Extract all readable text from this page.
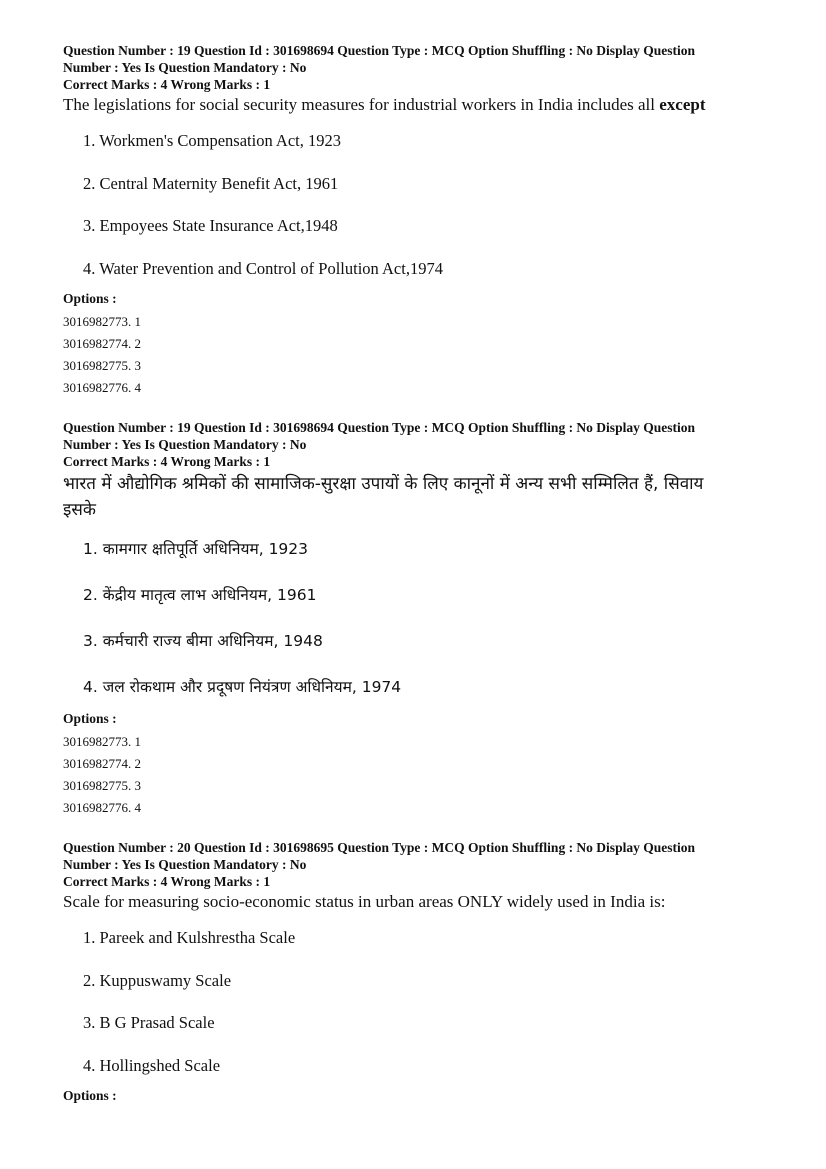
Question Number : 19 Question Id : 301698694 Question Type : MCQ Option Shuffling : No Display Question
Number : Yes Is Question Mandatory : No
Correct Marks : 4 Wrong Marks : 1
The legislations for social security measures for industrial workers in India includes all except
1. Workmen's Compensation Act, 1923
2. Central Maternity Benefit Act, 1961
3. Empoyees State Insurance Act,1948
4. Water Prevention and Control of Pollution Act,1974
Options :
3016982773. 1
3016982774. 2
3016982775. 3
3016982776. 4
Question Number : 19 Question Id : 301698694 Question Type : MCQ Option Shuffling : No Display Question
Number : Yes Is Question Mandatory : No
Correct Marks : 4 Wrong Marks : 1
भारत में औद्योगिक श्रमिकों की सामाजिक-सुरक्षा उपायों के लिए कानूनों में अन्य सभी सम्मिलित हैं, सिवाय
इसके
1. कामगार क्षतिपूर्ति अधिनियम, 1923
2. केंद्रीय मातृत्व लाभ अधिनियम, 1961
3. कर्मचारी राज्य बीमा अधिनियम, 1948
4. जल रोकथाम और प्रदूषण नियंत्रण अधिनियम, 1974
Options :
3016982773. 1
3016982774. 2
3016982775. 3
3016982776. 4
Question Number : 20 Question Id : 301698695 Question Type : MCQ Option Shuffling : No Display Question
Number : Yes Is Question Mandatory : No
Correct Marks : 4 Wrong Marks : 1
Scale for measuring socio-economic status in urban areas ONLY widely used in India is:
1. Pareek and Kulshrestha Scale
2. Kuppuswamy Scale
3. B G Prasad Scale
4. Hollingshed Scale
Options :
